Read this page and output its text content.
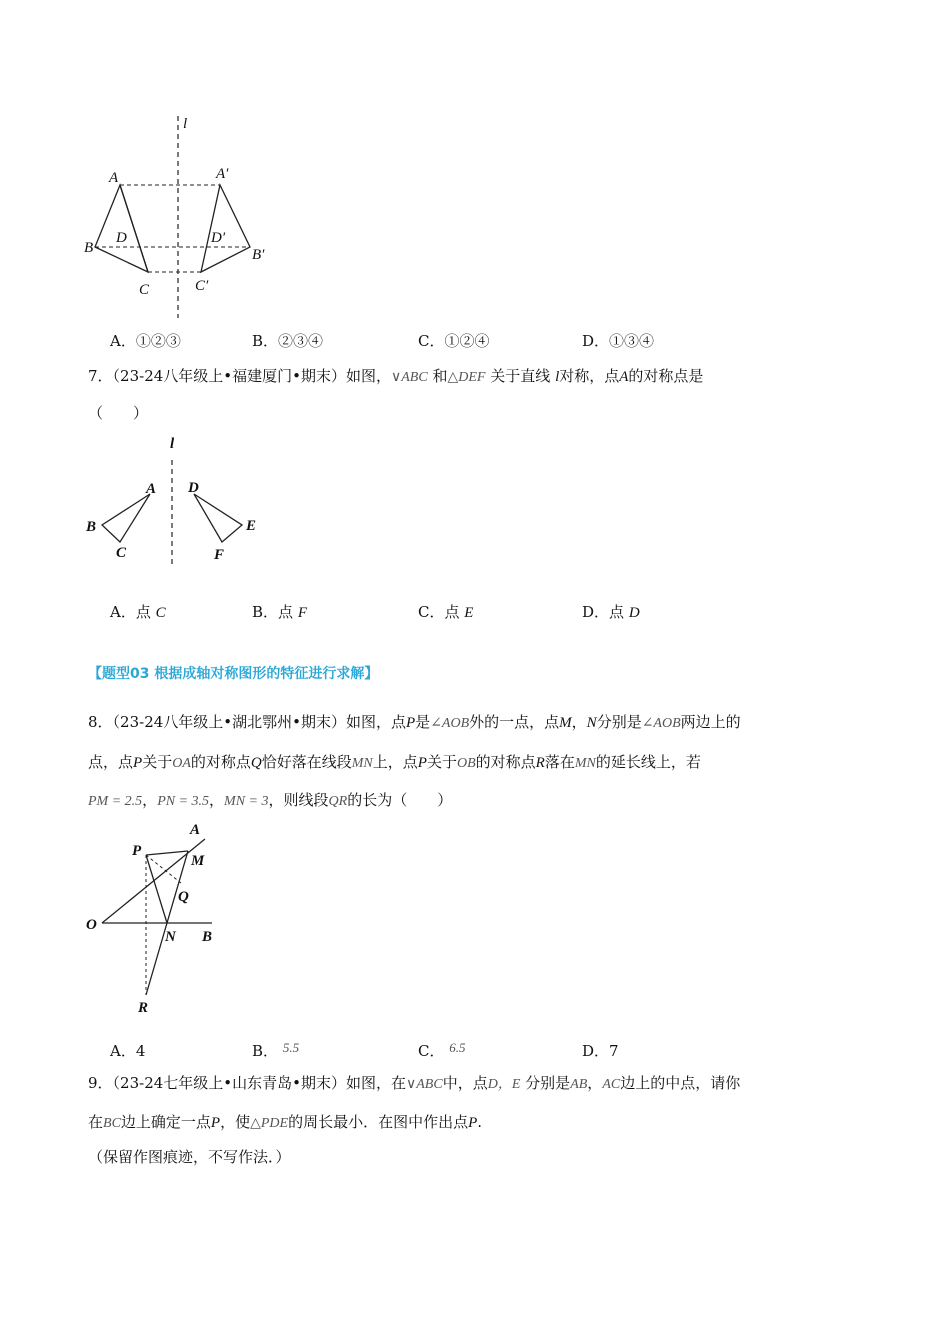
l
A	A′
B	B′
D	D′
C	C′
A．①②③	B．②③④	C．①②④	D．①③④
7．（23-24八年级上•福建厦门•期末）如图，∨ABC 和△DEF 关于直线 l对称，点A的对称点是
（　　）
l
A
B
C
D
E
F
A．点 C	B．点 F	C．点 E	D．点 D
【题型03 根据成轴对称图形的特征进行求解】
8．（23-24八年级上•湖北鄂州•期末）如图，点P是∠AOB外的一点，点M，N分别是∠AOB两边上的
点，点P关于OA的对称点Q恰好落在线段MN上，点P关于OB的对称点R落在MN的延长线上，若
PM = 2.5，PN = 3.5，MN = 3，则线段QR的长为（　　）
A
P
M
Q
O
N B
R
A．4	B． 5.5	C． 6.5	D．7
9．（23-24七年级上•山东青岛•期末）如图，在∨ABC中，点D，E 分别是AB，AC边上的中点，请你
在BC边上确定一点P，使△PDE的周长最小．在图中作出点P.
（保留作图痕迹，不写作法．）
